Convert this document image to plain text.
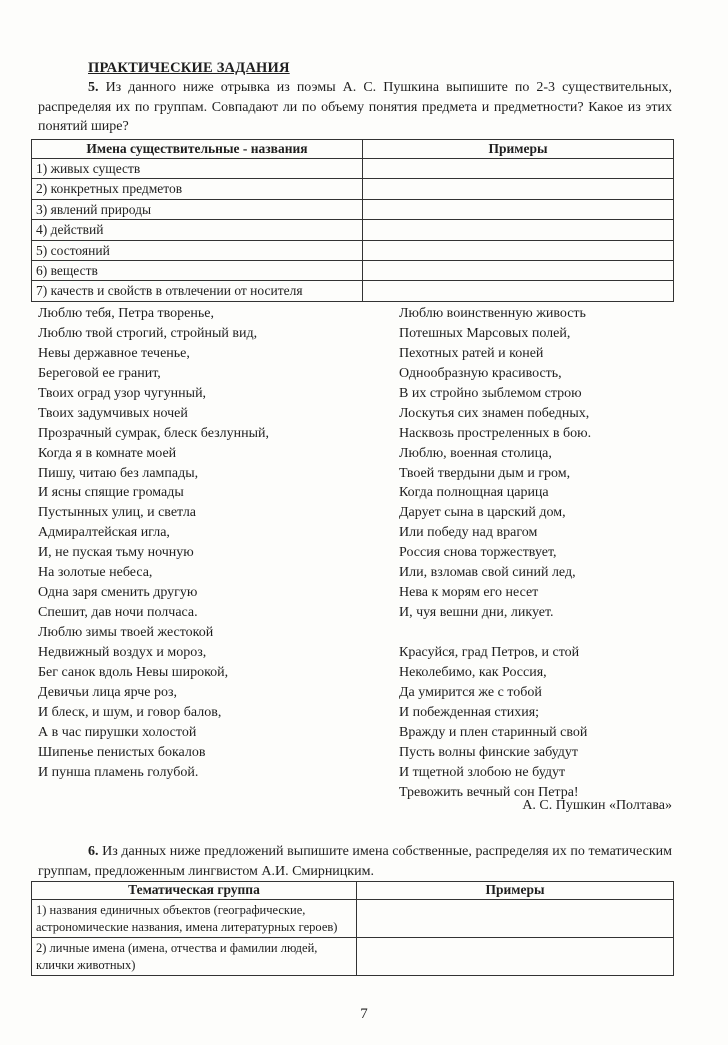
ПРАКТИЧЕСКИЕ ЗАДАНИЯ
5. Из данного ниже отрывка из поэмы А. С. Пушкина выпишите по 2-3 существительных, распределяя их по группам. Совпадают ли по объему понятия предмета и предметности? Какое из этих понятий шире?
Имена существительные - названия	Примеры
1) живых существ	
2) конкретных предметов	
3) явлений природы	
4) действий	
5) состояний	
6) веществ	
7) качеств и свойств в отвлечении от носителя	
Люблю тебя, Петра творенье,
Люблю твой строгий, стройный вид,
Невы державное теченье,
Береговой ее гранит,
Твоих оград узор чугунный,
Твоих задумчивых ночей
Прозрачный сумрак, блеск безлунный,
Когда я в комнате моей
Пишу, читаю без лампады,
И ясны спящие громады
Пустынных улиц, и светла
Адмиралтейская игла,
И, не пуская тьму ночную
На золотые небеса,
Одна заря сменить другую
Спешит, дав ночи полчаса.
Люблю зимы твоей жестокой
Недвижный воздух и мороз,
Бег санок вдоль Невы широкой,
Девичьи лица ярче роз,
И блеск, и шум, и говор балов,
А в час пирушки холостой
Шипенье пенистых бокалов
И пунша пламень голубой.
Люблю воинственную живость
Потешных Марсовых полей,
Пехотных ратей и коней
Однообразную красивость,
В их стройно зыблемом строю
Лоскутья сих знамен победных,
Насквозь простреленных в бою.
Люблю, военная столица,
Твоей твердыни дым и гром,
Когда полнощная царица
Дарует сына в царский дом,
Или победу над врагом
Россия снова торжествует,
Или, взломав свой синий лед,
Нева к морям его несет
И, чуя вешни дни, ликует.
Красуйся, град Петров, и стой
Неколебимо, как Россия,
Да умирится же с тобой
И побежденная стихия;
Вражду и плен старинный свой
Пусть волны финские забудут
И тщетной злобою не будут
Тревожить вечный сон Петра!
А. С. Пушкин «Полтава»
6. Из данных ниже предложений выпишите имена собственные, распределяя их по тематическим группам, предложенным лингвистом А.И. Смирницким.
Тематическая группа	Примеры
1) названия единичных объектов (географические, астрономические названия, имена литературных героев)	
2) личные имена (имена, отчества и фамилии людей, клички животных)	
7
